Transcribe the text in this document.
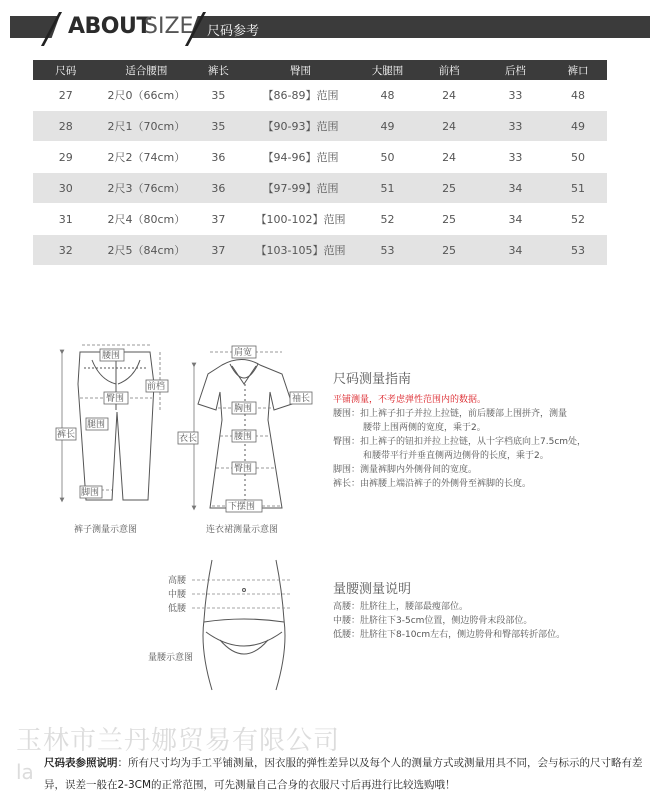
ABOUT
SIZE 尺码参考
尺码	适合腰围	裤长	臀围	大腿围	前档	后档	裤口
27	2尺0（66cm）	35	【86-89】范围	48	24	33	48
28	2尺1（70cm）	35	【90-93】范围	49	24	33	49
29	2尺2（74cm）	36	【94-96】范围	50	24	33	50
30	2尺3（76cm）	36	【97-99】范围	51	25	34	51
31	2尺4（80cm）	37	【100-102】范围	52	25	34	52
32	2尺5（84cm）	37	【103-105】范围	53	25	34	53
腰围
前档
臀围
腿围
裤长
脚围
裤子测量示意图
肩宽
袖长
胸围
腰围
衣长
臀围
下摆围
连衣裙测量示意图
高腰
中腰
低腰
量腰示意图
尺码测量指南
平铺测量，不考虑弹性范围内的数据。
腰围：扣上裤子扣子并拉上拉链，前后腰部上围拼齐，测量
腰带上围两侧的宽度，乘于2。
臀围：扣上裤子的钮扣并拉上拉链，从十字档底向上7.5cm处，
和腰带平行并垂直侧两边侧骨的长度，乘于2。
脚围：测量裤脚内外侧骨间的宽度。
裤长：由裤腰上端沿裤子的外侧骨至裤脚的长度。
量腰测量说明
高腰：肚脐往上，腰部最瘦部位。
中腰：肚脐往下3-5cm位置，侧边胯骨末段部位。
低腰：肚脐往下8-10cm左右，侧边胯骨和臀部转折部位。
玉林市兰丹娜贸易有限公司
la 尺码表参照说明：所有尺寸均为手工平铺测量，因衣服的弹性差异以及每个人的测量方式或测量用具不同，会与标示的尺寸略有差异，误差一般在2-3CM的正常范围，可先测量自己合身的衣服尺寸后再进行比较选购哦！
